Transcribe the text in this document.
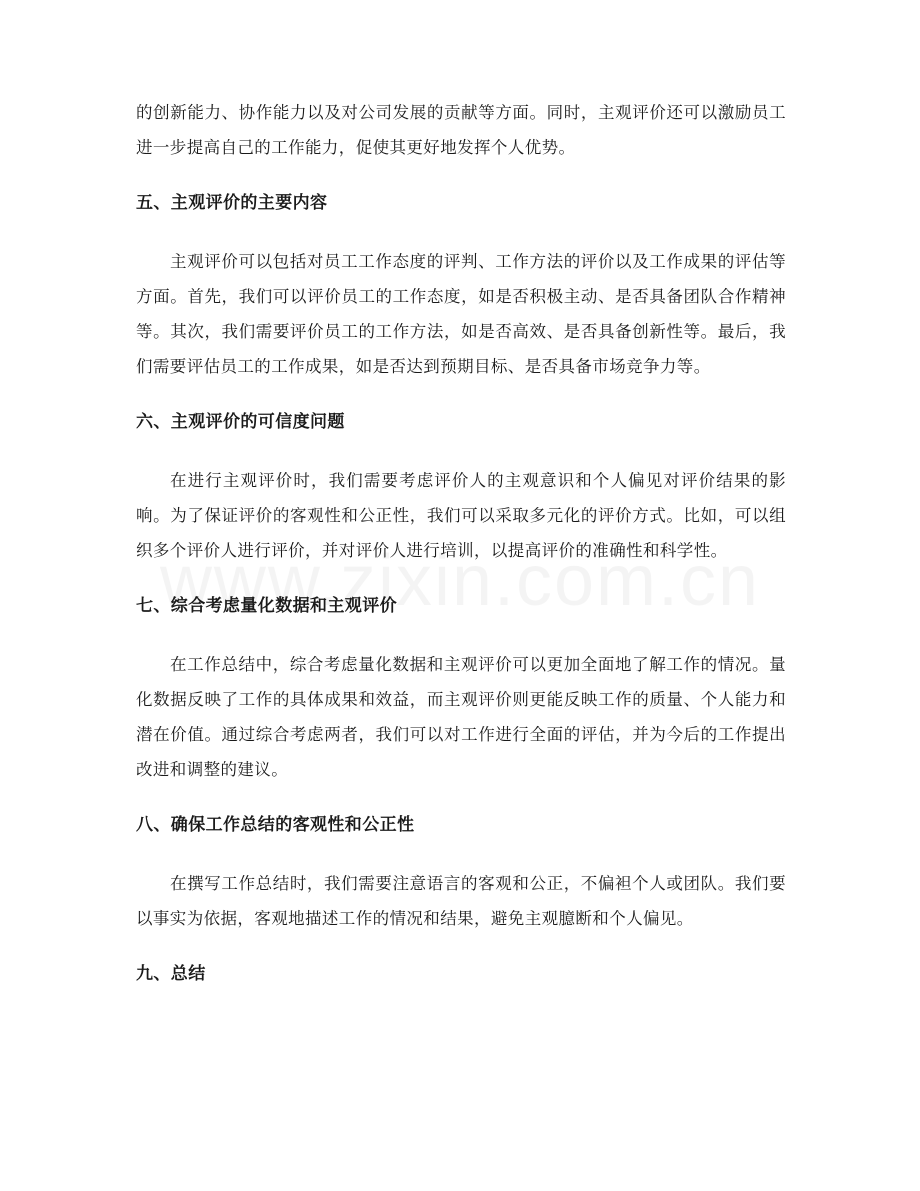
的创新能力、协作能力以及对公司发展的贡献等方面。同时，主观评价还可以激励员工进一步提高自己的工作能力，促使其更好地发挥个人优势。

五、主观评价的主要内容

主观评价可以包括对员工工作态度的评判、工作方法的评价以及工作成果的评估等方面。首先，我们可以评价员工的工作态度，如是否积极主动、是否具备团队合作精神等。其次，我们需要评价员工的工作方法，如是否高效、是否具备创新性等。最后，我们需要评估员工的工作成果，如是否达到预期目标、是否具备市场竞争力等。

六、主观评价的可信度问题

在进行主观评价时，我们需要考虑评价人的主观意识和个人偏见对评价结果的影响。为了保证评价的客观性和公正性，我们可以采取多元化的评价方式。比如，可以组织多个评价人进行评价，并对评价人进行培训，以提高评价的准确性和科学性。

七、综合考虑量化数据和主观评价

在工作总结中，综合考虑量化数据和主观评价可以更加全面地了解工作的情况。量化数据反映了工作的具体成果和效益，而主观评价则更能反映工作的质量、个人能力和潜在价值。通过综合考虑两者，我们可以对工作进行全面的评估，并为今后的工作提出改进和调整的建议。

八、确保工作总结的客观性和公正性

在撰写工作总结时，我们需要注意语言的客观和公正，不偏袒个人或团队。我们要以事实为依据，客观地描述工作的情况和结果，避免主观臆断和个人偏见。

九、总结
